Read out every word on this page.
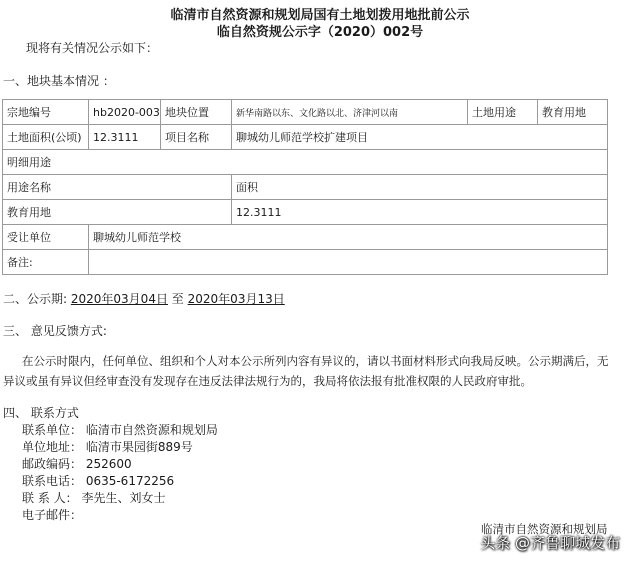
临清市自然资源和规划局国有土地划拨用地批前公示
临自然资规公示字（2020）002号
现将有关情况公示如下：
一、地块基本情况 ：
宗地编号	hb2020-003	地块位置	新华南路以东、文化路以北、济津河以南	土地用途	教育用地
土地面积(公顷)	12.3111	项目名称	聊城幼儿师范学校扩建项目		
明细用途					
用途名称			面积		
教育用地			12.3111		
受让单位	聊城幼儿师范学校				
备注:					
二、公示期: 2020年03月04日 至 2020年03月13日
三、 意见反馈方式:
在公示时限内，任何单位、组织和个人对本公示所列内容有异议的，请以书面材料形式向我局反映。公示期满后，无
异议或虽有异议但经审查没有发现存在违反法律法规行为的，我局将依法报有批准权限的人民政府审批。
四、 联系方式
联系单位： 临清市自然资源和规划局
单位地址： 临清市果园街889号
邮政编码： 252600
联系电话： 0635-6172256
联 系 人： 李先生、刘女士
电子邮件：
临清市自然资源和规划局
头条 @齐鲁聊城发布
